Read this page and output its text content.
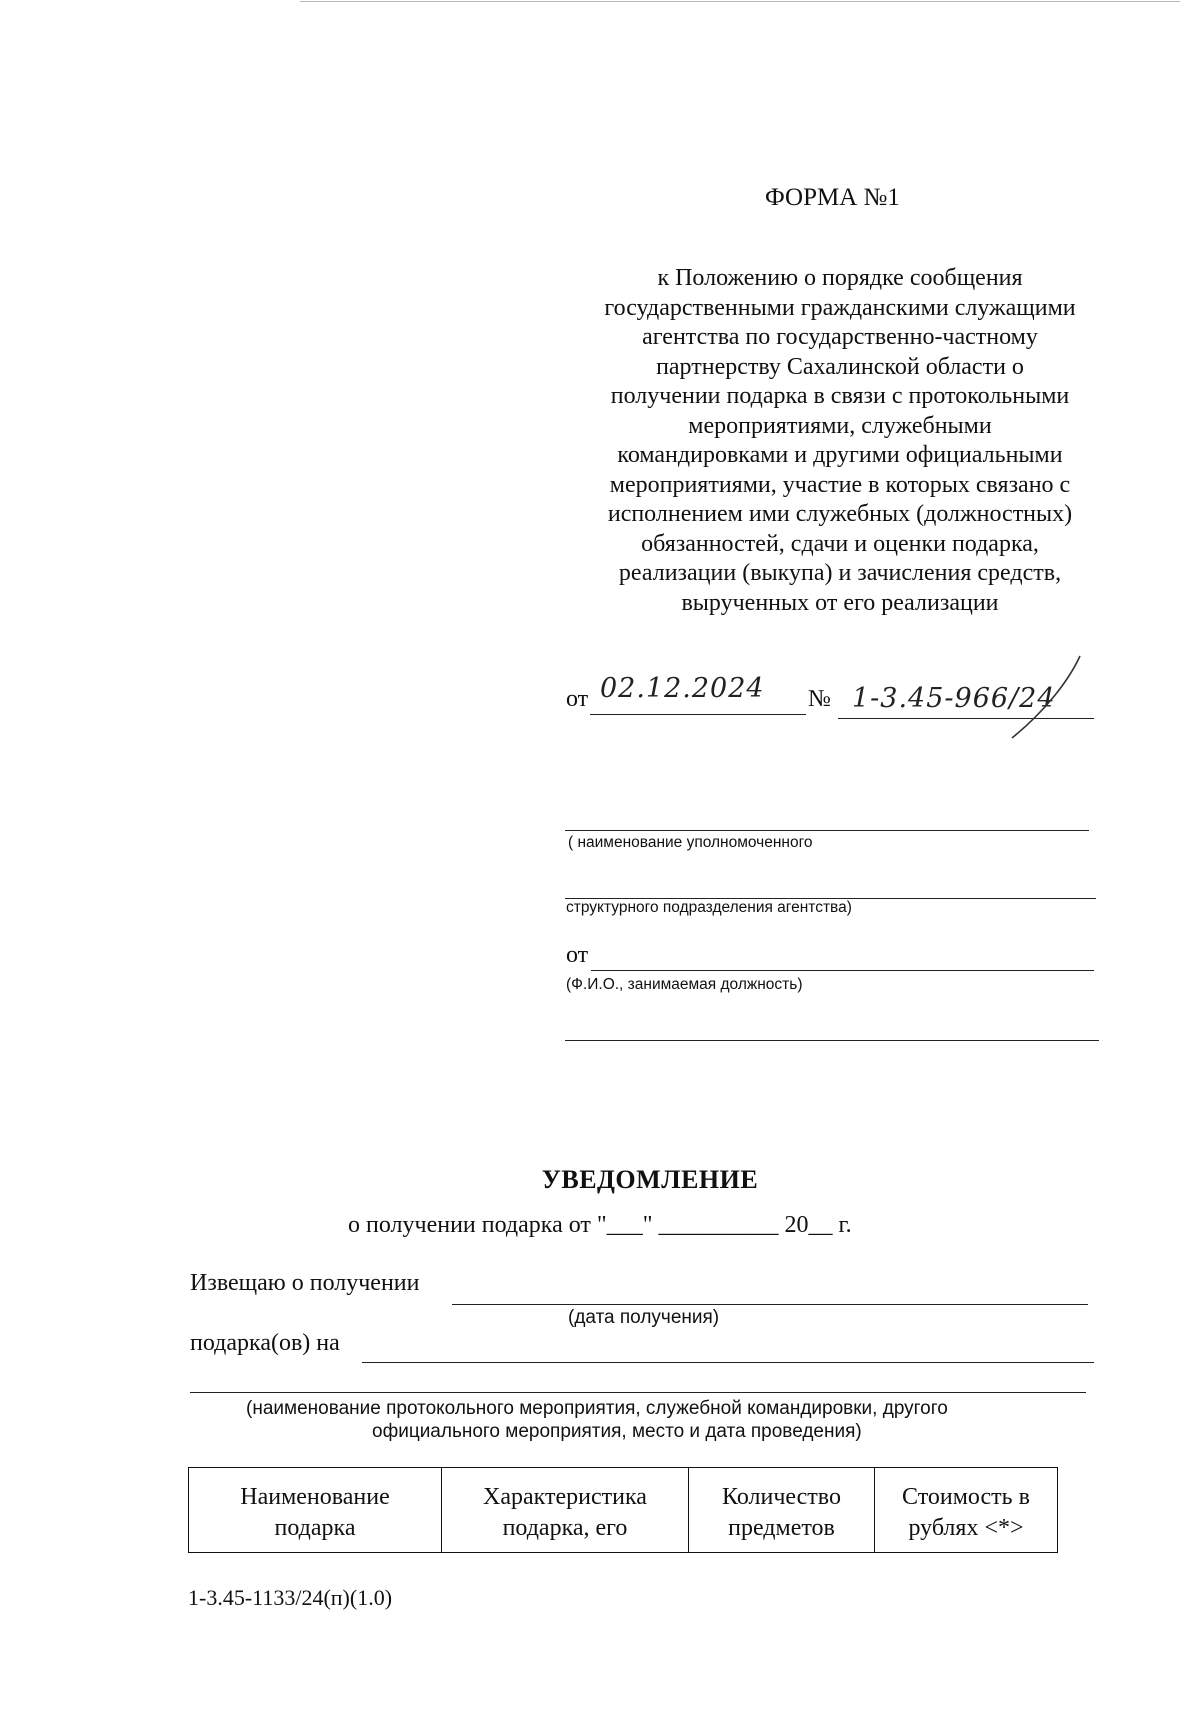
ФОРМА №1
к Положению о порядке сообщения
государственными гражданскими служащими
агентства по государственно-частному
партнерству Сахалинской области о
получении подарка в связи с протокольными
мероприятиями, служебными
командировками и другими официальными
мероприятиями, участие в которых связано с
исполнением ими служебных (должностных)
обязанностей, сдачи и оценки подарка,
реализации (выкупа) и зачисления средств,
вырученных от его реализации
от 02.12.2024 № 1-3.45-966/24
( наименование уполномоченного
структурного подразделения агентства)
от
(Ф.И.О., занимаемая должность)
УВЕДОМЛЕНИЕ
о получении подарка от "___" __________ 20__ г.
Извещаю о получении
(дата получения)
подарка(ов) на
(наименование протокольного мероприятия, служебной командировки, другого
официального мероприятия, место и дата проведения)
Наименование подарка	Характеристика подарка, его	Количество предметов	Стоимость в рублях <*>
1-3.45-1133/24(п)(1.0)
